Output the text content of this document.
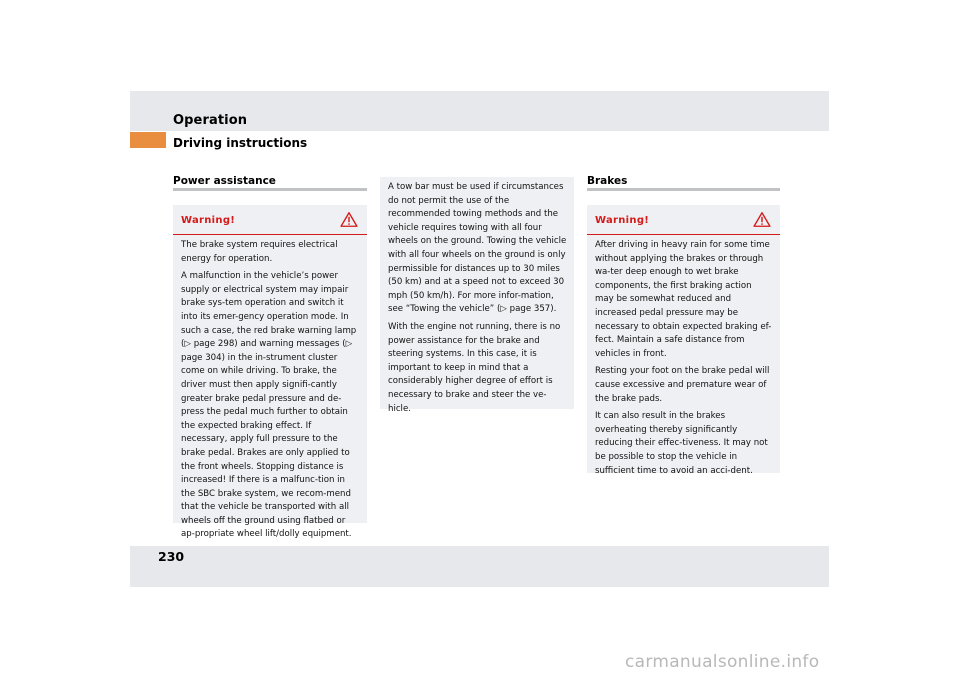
Operation
Driving instructions
Power assistance
Warning!

The brake system requires electrical energy for operation.

A malfunction in the vehicle’s power supply or electrical system may impair brake sys-tem operation and switch it into its emer-gency operation mode. In such a case, the red brake warning lamp (▷ page 298) and warning messages (▷ page 304) in the in-strument cluster come on while driving. To brake, the driver must then apply signifi-cantly greater brake pedal pressure and de-press the pedal much further to obtain the expected braking effect. If necessary, apply full pressure to the brake pedal. Brakes are only applied to the front wheels. Stopping distance is increased! If there is a malfunc-tion in the SBC brake system, we recom-mend that the vehicle be transported with all wheels off the ground using flatbed or ap-propriate wheel lift/dolly equipment.

A tow bar must be used if circumstances do not permit the use of the recommended towing methods and the vehicle requires towing with all four wheels on the ground. Towing the vehicle with all four wheels on the ground is only permissible for distances up to 30 miles (50 km) and at a speed not to exceed 30 mph (50 km/h). For more infor-mation, see “Towing the vehicle” (▷ page 357).

With the engine not running, there is no power assistance for the brake and steering systems. In this case, it is important to keep in mind that a considerably higher degree of effort is necessary to brake and steer the ve-hicle.

Brakes
Warning!

After driving in heavy rain for some time without applying the brakes or through wa-ter deep enough to wet brake components, the first braking action may be somewhat reduced and increased pedal pressure may be necessary to obtain expected braking ef-fect. Maintain a safe distance from vehicles in front.

Resting your foot on the brake pedal will cause excessive and premature wear of the brake pads.

It can also result in the brakes overheating thereby significantly reducing their effec-tiveness. It may not be possible to stop the vehicle in sufficient time to avoid an acci-dent.

230
carmanualsonline.info
